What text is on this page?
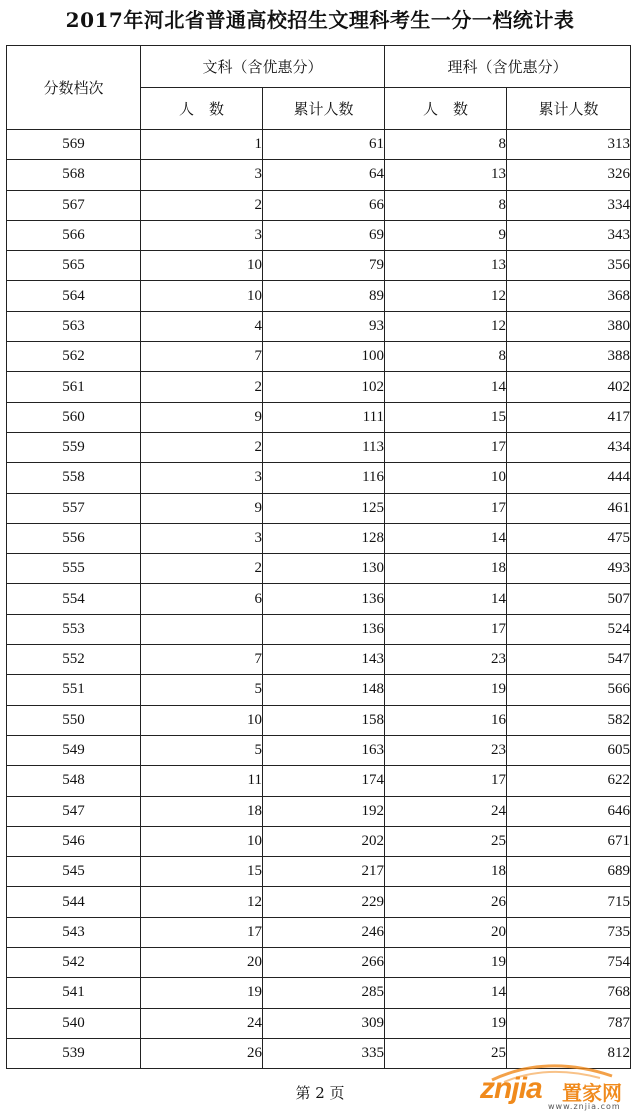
2017年河北省普通高校招生文理科考生一分一档统计表
分数档次	文科（含优惠分）		理科（含优惠分）	
	人　数	累计人数	人　数	累计人数
569	1	61	8	313
568	3	64	13	326
567	2	66	8	334
566	3	69	9	343
565	10	79	13	356
564	10	89	12	368
563	4	93	12	380
562	7	100	8	388
561	2	102	14	402
560	9	111	15	417
559	2	113	17	434
558	3	116	10	444
557	9	125	17	461
556	3	128	14	475
555	2	130	18	493
554	6	136	14	507
553		136	17	524
552	7	143	23	547
551	5	148	19	566
550	10	158	16	582
549	5	163	23	605
548	11	174	17	622
547	18	192	24	646
546	10	202	25	671
545	15	217	18	689
544	12	229	26	715
543	17	246	20	735
542	20	266	19	754
541	19	285	14	768
540	24	309	19	787
539	26	335	25	812
第 2 页	znjia 置家网
www.znjia.com
